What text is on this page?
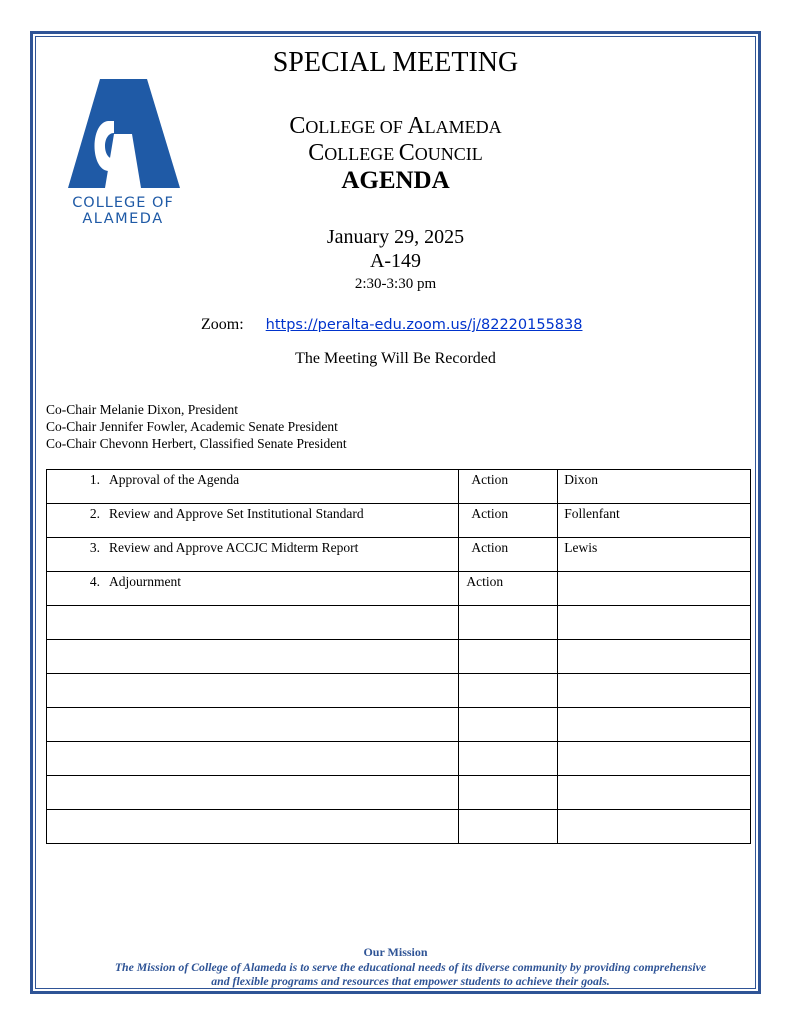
COLLEGE OF
ALAMEDA
SPECIAL MEETING
COLLEGE OF ALAMEDA
COLLEGE COUNCIL
AGENDA
January 29, 2025
A-149
2:30-3:30 pm
Zoom: https://peralta-edu.zoom.us/j/82220155838
The Meeting Will Be Recorded
Co-Chair Melanie Dixon, President
Co-Chair Jennifer Fowler, Academic Senate President
Co-Chair Chevonn Herbert, Classified Senate President
1. Approval of the Agenda	Action	Dixon

2. Review and Approve Set Institutional Standard	Action	Follenfant

3. Review and Approve ACCJC Midterm Report	Action	Lewis

4. Adjournment	Action	

Our Mission
The Mission of College of Alameda is to serve the educational needs of its diverse community by providing comprehensive
and flexible programs and resources that empower students to achieve their goals.
